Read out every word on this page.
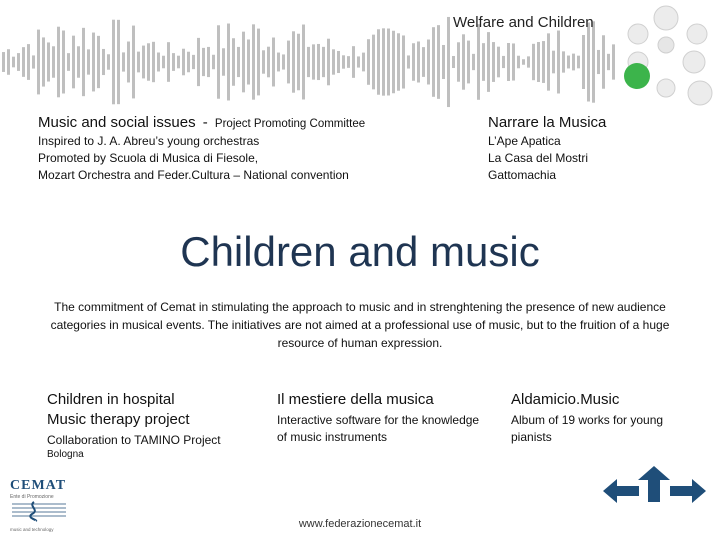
Welfare and Children
Music and social issues - Project Promoting Committee
Inspired to J. A. Abreu’s young orchestras
Promoted by Scuola di Musica di Fiesole,
Mozart Orchestra and Feder.Cultura – National convention
Narrare la Musica
L’Ape Apatica
La Casa del Mostri
Gattomachia
Children and music
The commitment of Cemat in stimulating the approach to music and in strenghtening the presence of new audience categories in musical events. The initiatives are not aimed at a professional use of music, but to the fruition of a huge resource of human expression.
Children in hospital
Music therapy project
Collaboration to TAMINO Project
Bologna
Il mestiere della musica
Interactive software for the knowledge of music instruments
Aldamicio.Music
Album of 19 works for young pianists
CEMAT
Ente di Promozione
music and technology	www.federazionecemat.it
